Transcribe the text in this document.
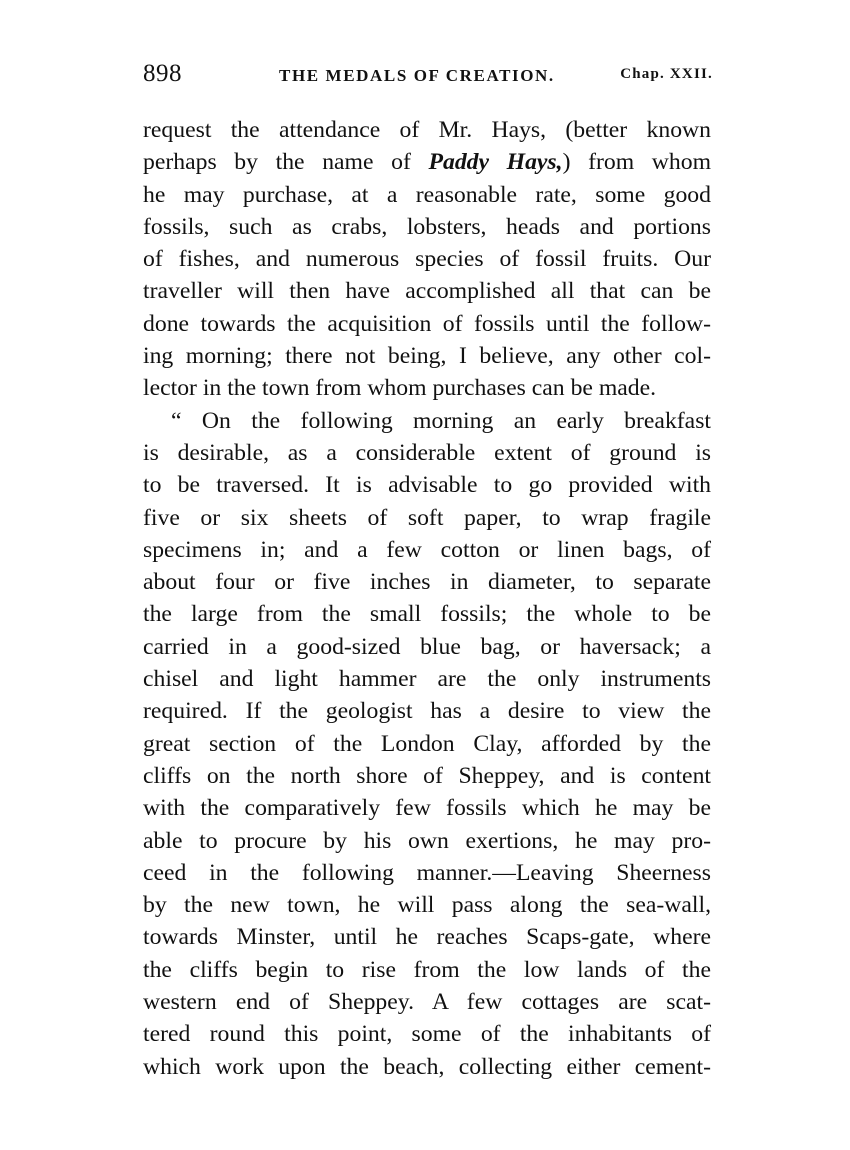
898	THE MEDALS OF CREATION.	Chap. XXII.
request the attendance of Mr. Hays, (better known
perhaps by the name of Paddy Hays,) from whom
he may purchase, at a reasonable rate, some good
fossils, such as crabs, lobsters, heads and portions
of fishes, and numerous species of fossil fruits. Our
traveller will then have accomplished all that can be
done towards the acquisition of fossils until the follow-
ing morning; there not being, I believe, any other col-
lector in the town from whom purchases can be made.
“ On the following morning an early breakfast
is desirable, as a considerable extent of ground is
to be traversed. It is advisable to go provided with
five or six sheets of soft paper, to wrap fragile
specimens in; and a few cotton or linen bags, of
about four or five inches in diameter, to separate
the large from the small fossils; the whole to be
carried in a good-sized blue bag, or haversack; a
chisel and light hammer are the only instruments
required. If the geologist has a desire to view the
great section of the London Clay, afforded by the
cliffs on the north shore of Sheppey, and is content
with the comparatively few fossils which he may be
able to procure by his own exertions, he may pro-
ceed in the following manner.—Leaving Sheerness
by the new town, he will pass along the sea-wall,
towards Minster, until he reaches Scaps-gate, where
the cliffs begin to rise from the low lands of the
western end of Sheppey. A few cottages are scat-
tered round this point, some of the inhabitants of
which work upon the beach, collecting either cement-
